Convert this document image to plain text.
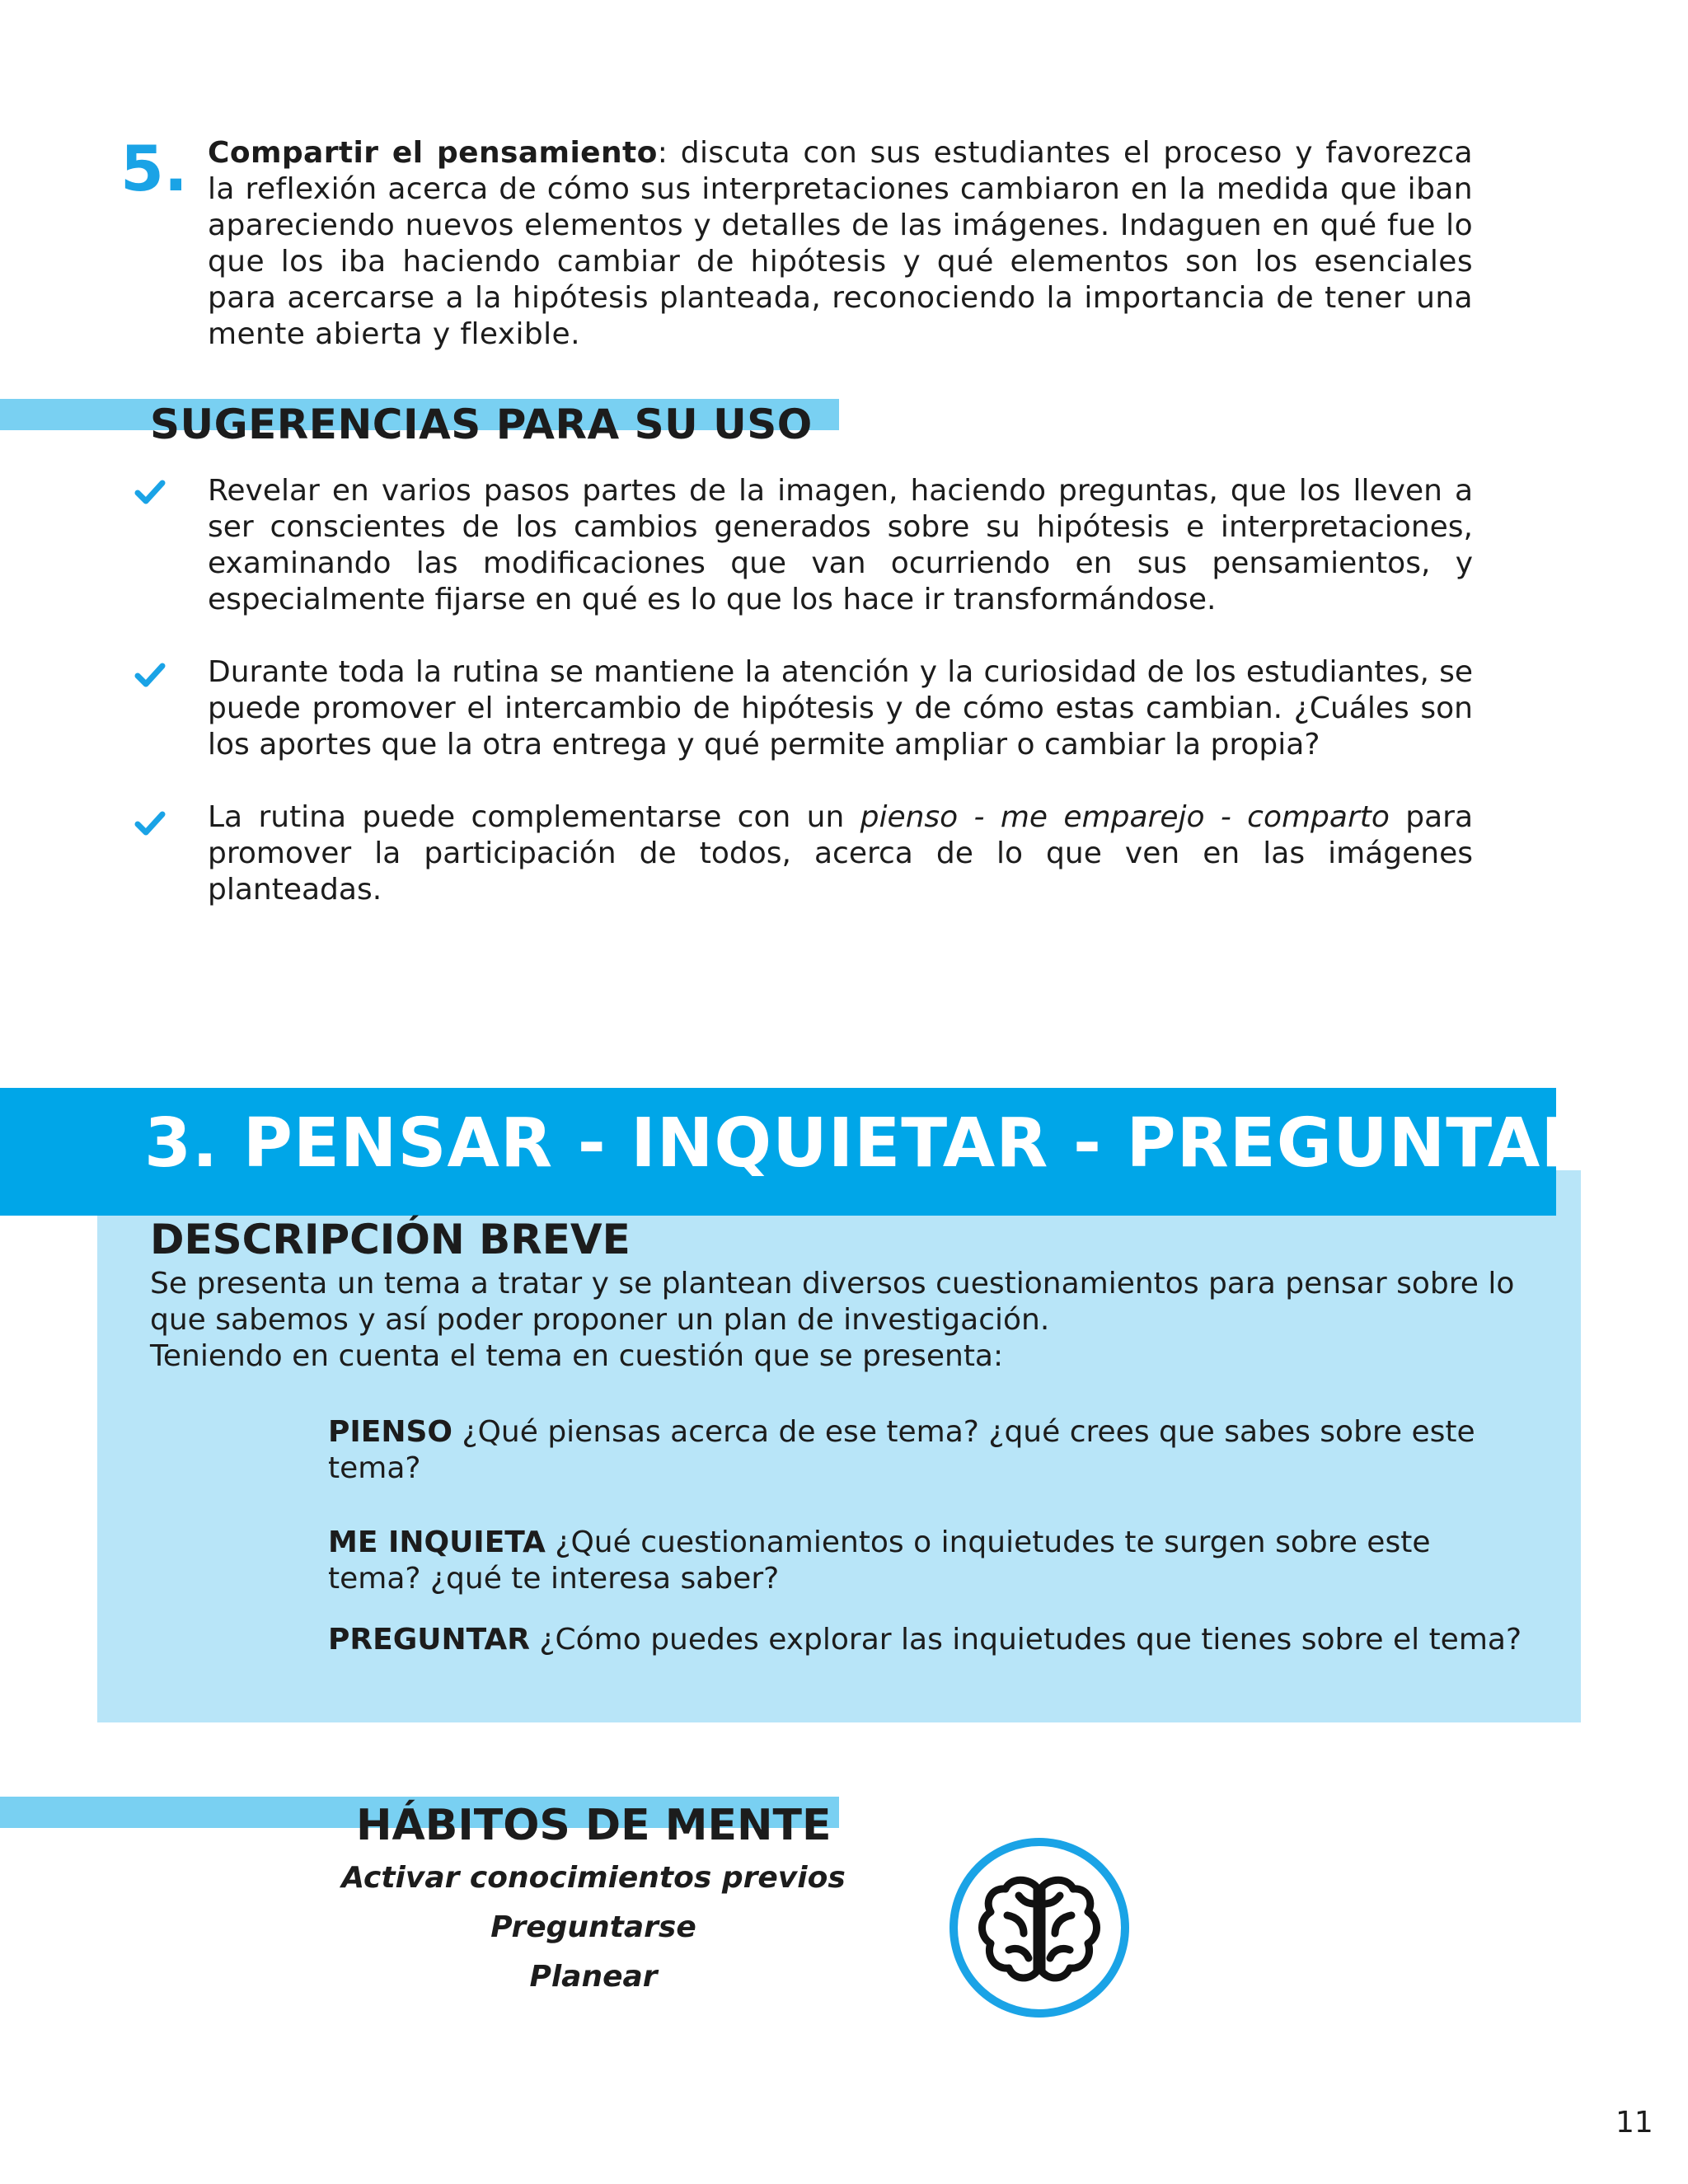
5. Compartir el pensamiento: discuta con sus estudiantes el proceso y favorezca la reflexión acerca de cómo sus interpretaciones cambiaron en la medida que iban apareciendo nuevos elementos y detalles de las imágenes. Indaguen en qué fue lo que los iba haciendo cambiar de hipótesis y qué elementos son los esenciales para acercarse a la hipótesis planteada, reconociendo la importancia de tener una mente abierta y flexible.
SUGERENCIAS PARA SU USO
Revelar en varios pasos partes de la imagen, haciendo preguntas, que los lleven a ser conscientes de los cambios generados sobre su hipótesis e interpretaciones, examinando las modificaciones que van ocurriendo en sus pensamientos, y especialmente fijarse en qué es lo que los hace ir transformándose.
Durante toda la rutina se mantiene la atención y la curiosidad de los estudiantes, se puede promover el intercambio de hipótesis y de cómo estas cambian. ¿Cuáles son los aportes que la otra entrega y qué permite ampliar o cambiar la propia?
La rutina puede complementarse con un pienso - me emparejo - comparto para promover la participación de todos, acerca de lo que ven en las imágenes planteadas.
3. PENSAR - INQUIETAR - PREGUNTAR
DESCRIPCIÓN BREVE
Se presenta un tema a tratar y se plantean diversos cuestionamientos para pensar sobre lo que sabemos y así poder proponer un plan de investigación.
Teniendo en cuenta el tema en cuestión que se presenta:
PIENSO ¿Qué piensas acerca de ese tema? ¿qué crees que sabes sobre este tema?
ME INQUIETA ¿Qué cuestionamientos o inquietudes te surgen sobre este tema? ¿qué te interesa saber?
PREGUNTAR ¿Cómo puedes explorar las inquietudes que tienes sobre el tema?
HÁBITOS DE MENTE
Activar conocimientos previos
Preguntarse
Planear
11
